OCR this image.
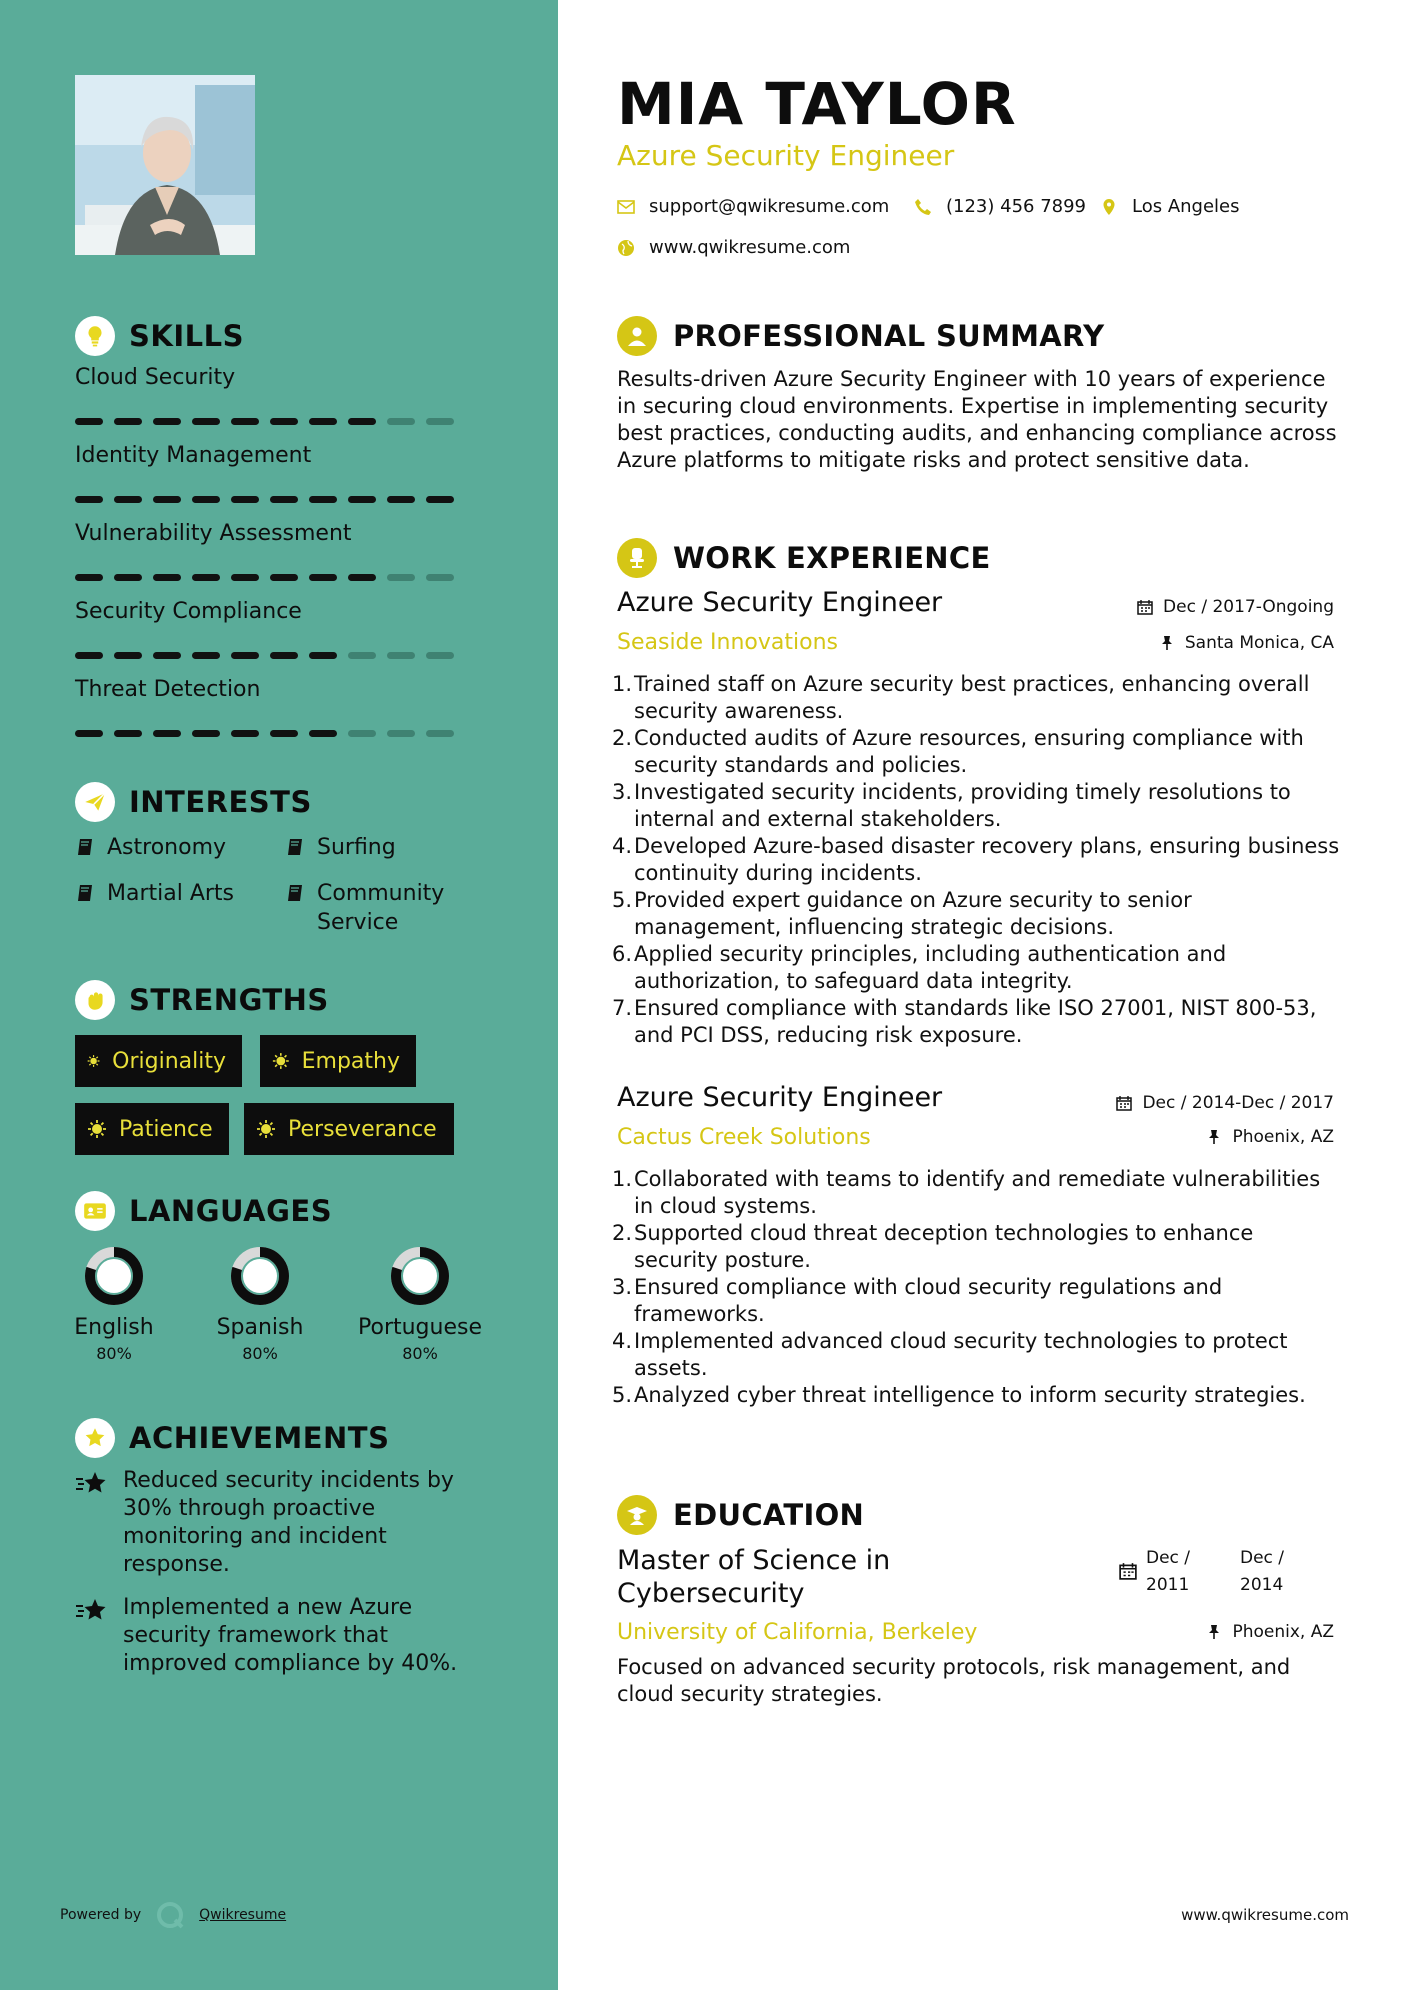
SKILLS
Cloud Security
Identity Management
Vulnerability Assessment
Security Compliance
Threat Detection
INTERESTS
Astronomy	Surfing
Martial Arts	Community Service
STRENGTHS
Originality	Empathy
Patience	Perseverance
LANGUAGES
English
80%
Spanish
80%
Portuguese
80%
ACHIEVEMENTS
Reduced security incidents by 30% through proactive monitoring and incident response.
Implemented a new Azure security framework that improved compliance by 40%.
Powered by	Qwikresume
MIA TAYLOR
Azure Security Engineer
support@qwikresume.com	(123) 456 7899	Los Angeles
www.qwikresume.com
PROFESSIONAL SUMMARY
Results-driven Azure Security Engineer with 10 years of experience in securing cloud environments. Expertise in implementing security best practices, conducting audits, and enhancing compliance across Azure platforms to mitigate risks and protect sensitive data.
WORK EXPERIENCE
Azure Security Engineer
Seaside Innovations
Dec / 2017-Ongoing
Santa Monica, CA
1. Trained staff on Azure security best practices, enhancing overall security awareness.
2. Conducted audits of Azure resources, ensuring compliance with security standards and policies.
3. Investigated security incidents, providing timely resolutions to internal and external stakeholders.
4. Developed Azure-based disaster recovery plans, ensuring business continuity during incidents.
5. Provided expert guidance on Azure security to senior management, influencing strategic decisions.
6. Applied security principles, including authentication and authorization, to safeguard data integrity.
7. Ensured compliance with standards like ISO 27001, NIST 800-53, and PCI DSS, reducing risk exposure.
Azure Security Engineer
Cactus Creek Solutions
Dec / 2014-Dec / 2017
Phoenix, AZ
1. Collaborated with teams to identify and remediate vulnerabilities in cloud systems.
2. Supported cloud threat deception technologies to enhance security posture.
3. Ensured compliance with cloud security regulations and frameworks.
4. Implemented advanced cloud security technologies to protect assets.
5. Analyzed cyber threat intelligence to inform security strategies.
EDUCATION
Master of Science in Cybersecurity
Dec / 2011
Dec / 2014
Phoenix, AZ
University of California, Berkeley
Focused on advanced security protocols, risk management, and cloud security strategies.
www.qwikresume.com
